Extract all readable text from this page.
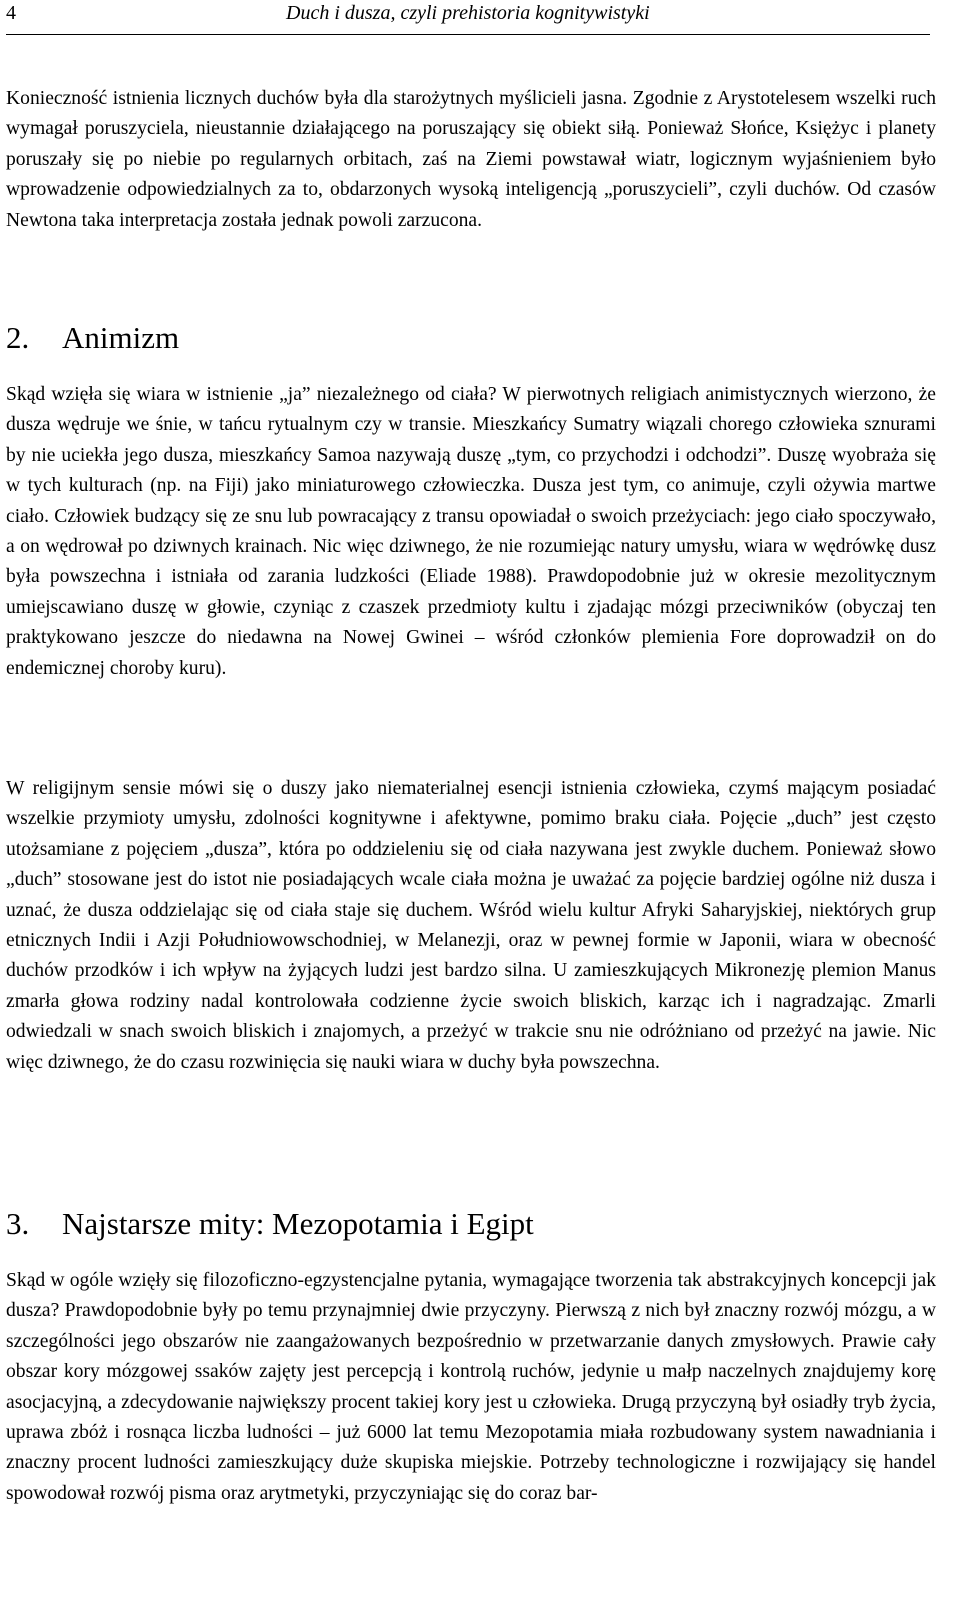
4	Duch i dusza, czyli prehistoria kognitywistyki

Konieczność istnienia licznych duchów była dla starożytnych myślicieli jasna. Zgodnie z Arystotelesem wszelki ruch wymagał poruszyciela, nieustannie działającego na poruszający się obiekt siłą. Ponieważ Słońce, Księżyc i planety poruszały się po niebie po regularnych orbitach, zaś na Ziemi powstawał wiatr, logicznym wyjaśnieniem było wprowadzenie odpowiedzialnych za to, obdarzonych wysoką inteligencją „poruszycieli”, czyli duchów. Od czasów Newtona taka interpretacja została jednak powoli zarzucona.

2. Animizm

Skąd wzięła się wiara w istnienie „ja” niezależnego od ciała? W pierwotnych religiach animistycznych wierzono, że dusza wędruje we śnie, w tańcu rytualnym czy w transie. Mieszkańcy Sumatry wiązali chorego człowieka sznurami by nie uciekła jego dusza, mieszkańcy Samoa nazywają duszę „tym, co przychodzi i odchodzi”. Duszę wyobraża się w tych kulturach (np. na Fiji) jako miniaturowego człowieczka. Dusza jest tym, co animuje, czyli ożywia martwe ciało. Człowiek budzący się ze snu lub powracający z transu opowiadał o swoich przeżyciach: jego ciało spoczywało, a on wędrował po dziwnych krainach. Nic więc dziwnego, że nie rozumiejąc natury umysłu, wiara w wędrówkę dusz była powszechna i istniała od zarania ludzkości (Eliade 1988). Prawdopodobnie już w okresie mezolitycznym umiejscawiano duszę w głowie, czyniąc z czaszek przedmioty kultu i zjadając mózgi przeciwników (obyczaj ten praktykowano jeszcze do niedawna na Nowej Gwinei – wśród członków plemienia Fore doprowadził on do endemicznej choroby kuru).

W religijnym sensie mówi się o duszy jako niematerialnej esencji istnienia człowieka, czymś mającym posiadać wszelkie przymioty umysłu, zdolności kognitywne i afektywne, pomimo braku ciała. Pojęcie „duch” jest często utożsamiane z pojęciem „dusza”, która po oddzieleniu się od ciała nazywana jest zwykle duchem. Ponieważ słowo „duch” stosowane jest do istot nie posiadających wcale ciała można je uważać za pojęcie bardziej ogólne niż dusza i uznać, że dusza oddzielając się od ciała staje się duchem. Wśród wielu kultur Afryki Saharyjskiej, niektórych grup etnicznych Indii i Azji Południowowschodniej, w Melanezji, oraz w pewnej formie w Japonii, wiara w obecność duchów przodków i ich wpływ na żyjących ludzi jest bardzo silna. U zamieszkujących Mikronezję plemion Manus zmarła głowa rodziny nadal kontrolowała codzienne życie swoich bliskich, karząc ich i nagradzając. Zmarli odwiedzali w snach swoich bliskich i znajomych, a przeżyć w trakcie snu nie odróżniano od przeżyć na jawie. Nic więc dziwnego, że do czasu rozwinięcia się nauki wiara w duchy była powszechna.

3. Najstarsze mity: Mezopotamia i Egipt

Skąd w ogóle wzięły się filozoficzno-egzystencjalne pytania, wymagające tworzenia tak abstrakcyjnych koncepcji jak dusza? Prawdopodobnie były po temu przynajmniej dwie przyczyny. Pierwszą z nich był znaczny rozwój mózgu, a w szczególności jego obszarów nie zaangażowanych bezpośrednio w przetwarzanie danych zmysłowych. Prawie cały obszar kory mózgowej ssaków zajęty jest percepcją i kontrolą ruchów, jedynie u małp naczelnych znajdujemy korę asocjacyjną, a zdecydowanie największy procent takiej kory jest u człowieka. Drugą przyczyną był osiadły tryb życia, uprawa zbóż i rosnąca liczba ludności – już 6000 lat temu Mezopotamia miała rozbudowany system nawadniania i znaczny procent ludności zamieszkujący duże skupiska miejskie. Potrzeby technologiczne i rozwijający się handel spowodował rozwój pisma oraz arytmetyki, przyczyniając się do coraz bar-
